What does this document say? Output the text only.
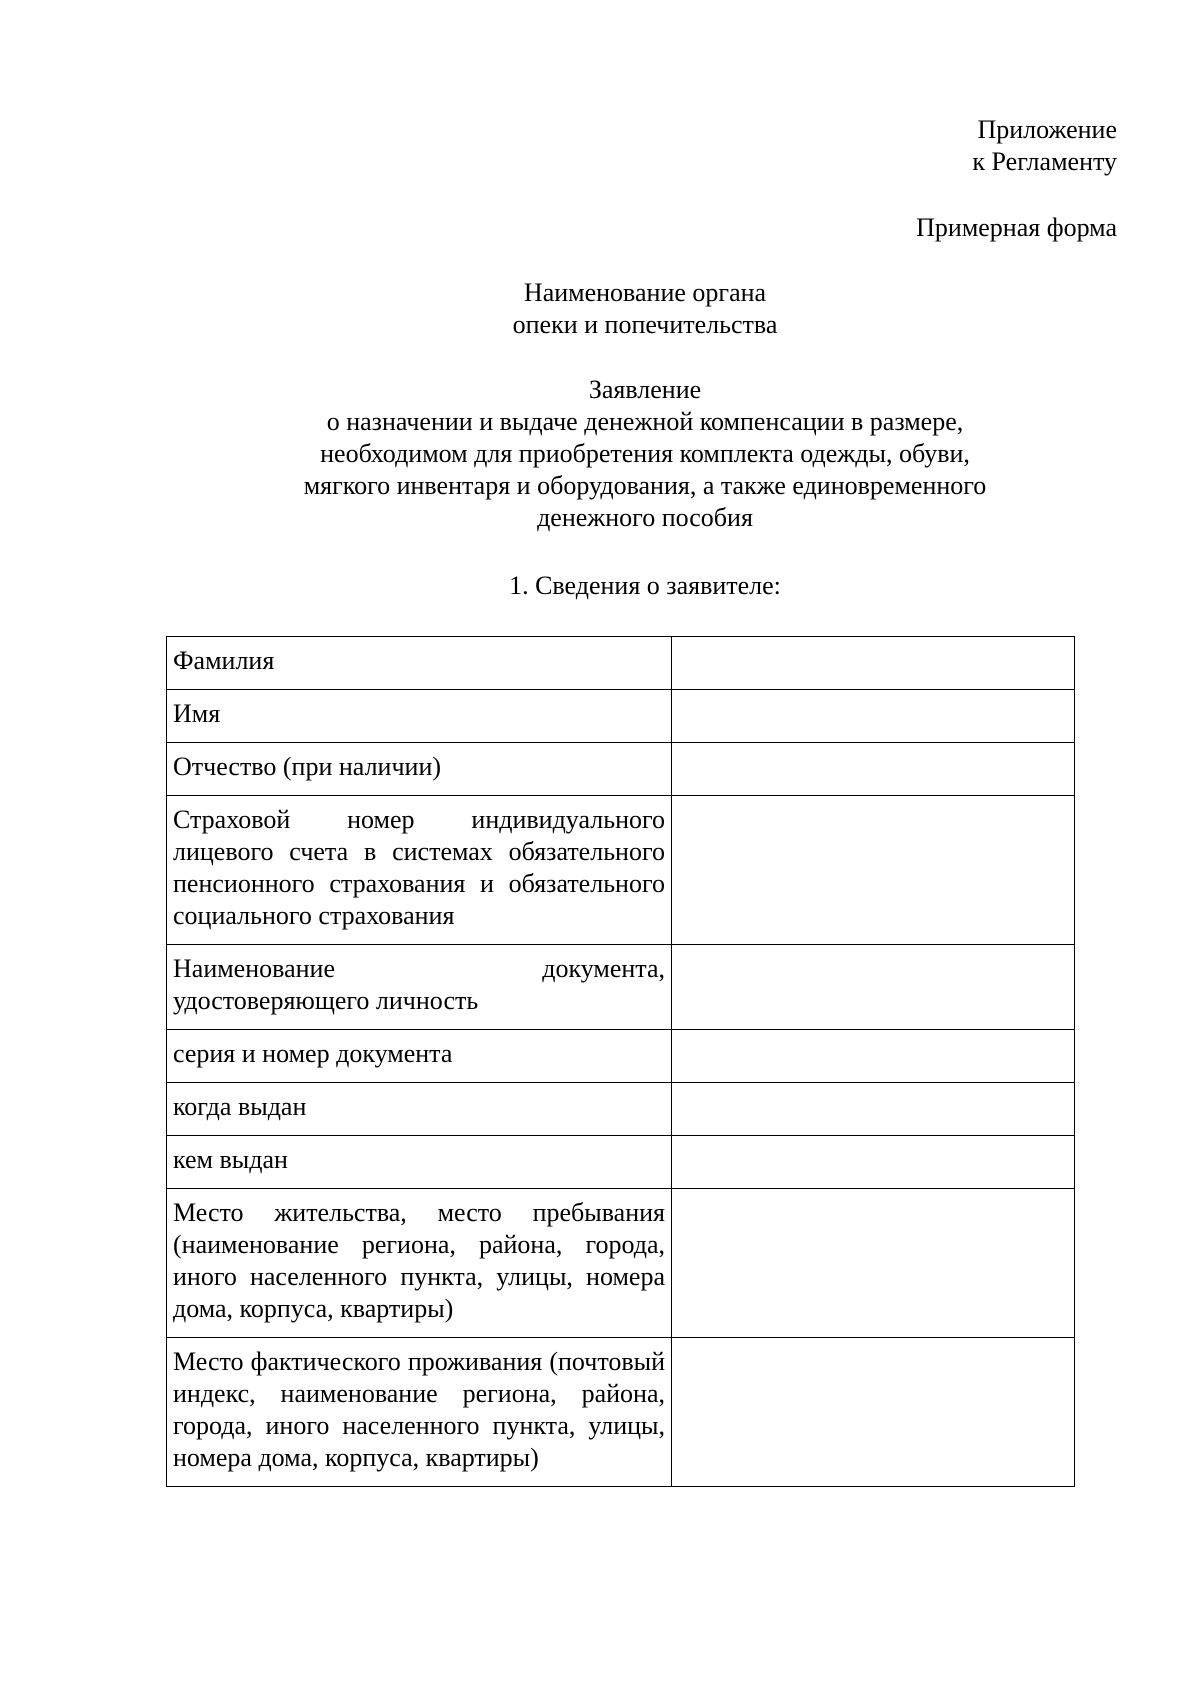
Приложение
к Регламенту
Примерная форма
Наименование органа
опеки и попечительства
Заявление
о назначении и выдаче денежной компенсации в размере,
необходимом для приобретения комплекта одежды, обуви,
мягкого инвентаря и оборудования, а также единовременного
денежного пособия
1. Сведения о заявителе:
Фамилия	
Имя	
Отчество (при наличии)	
Страховой номер индивидуального лицевого счета в системах обязательного пенсионного страхования и обязательного социального страхования	
Наименование документа, удостоверяющего личность	
серия и номер документа	
когда выдан	
кем выдан	
Место жительства, место пребывания (наименование региона, района, города, иного населенного пункта, улицы, номера дома, корпуса, квартиры)	
Место фактического проживания (почтовый индекс, наименование региона, района, города, иного населенного пункта, улицы, номера дома, корпуса, квартиры)	
